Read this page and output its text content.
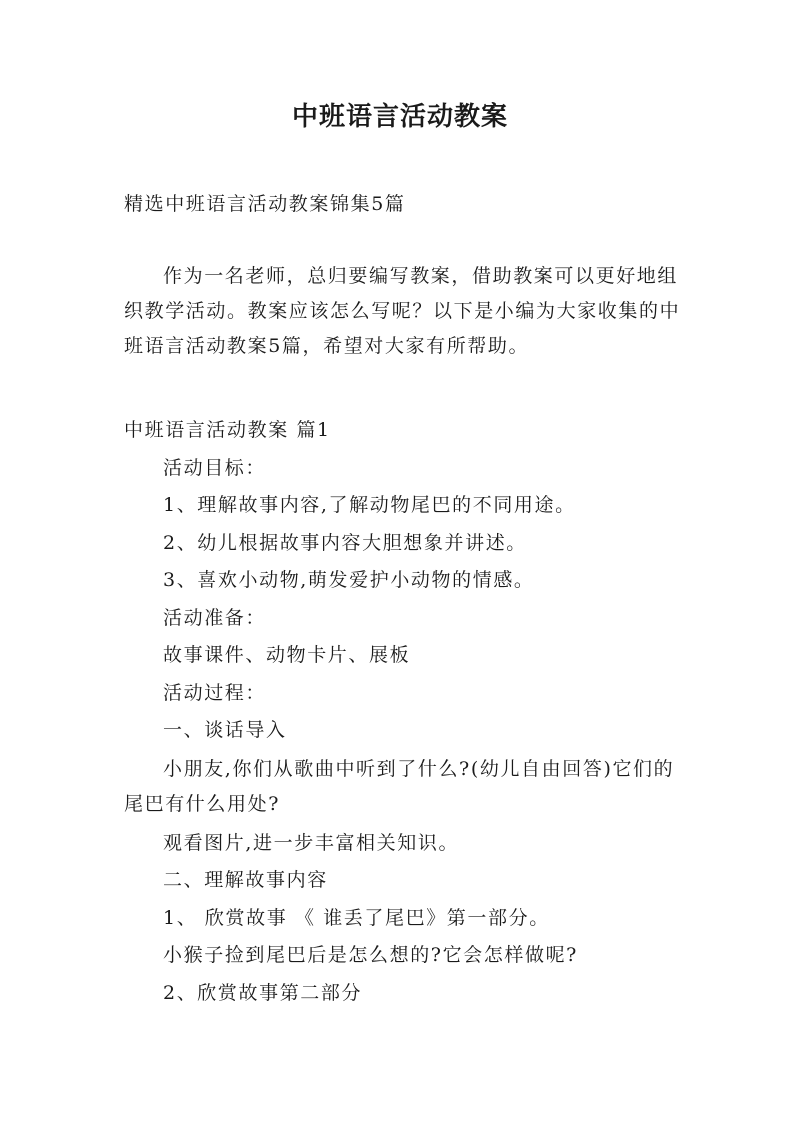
中班语言活动教案
精选中班语言活动教案锦集5篇
作为一名老师，总归要编写教案，借助教案可以更好地组织教学活动。教案应该怎么写呢？以下是小编为大家收集的中班语言活动教案5篇，希望对大家有所帮助。
中班语言活动教案 篇1
活动目标：
1、理解故事内容,了解动物尾巴的不同用途。
2、幼儿根据故事内容大胆想象并讲述。
3、喜欢小动物,萌发爱护小动物的情感。
活动准备：
故事课件、动物卡片、展板
活动过程：
一、谈话导入
小朋友,你们从歌曲中听到了什么?(幼儿自由回答)它们的尾巴有什么用处?
观看图片,进一步丰富相关知识。
二、理解故事内容
1、 欣赏故事 《 谁丢了尾巴》第一部分。
小猴子捡到尾巴后是怎么想的?它会怎样做呢?
2、欣赏故事第二部分
